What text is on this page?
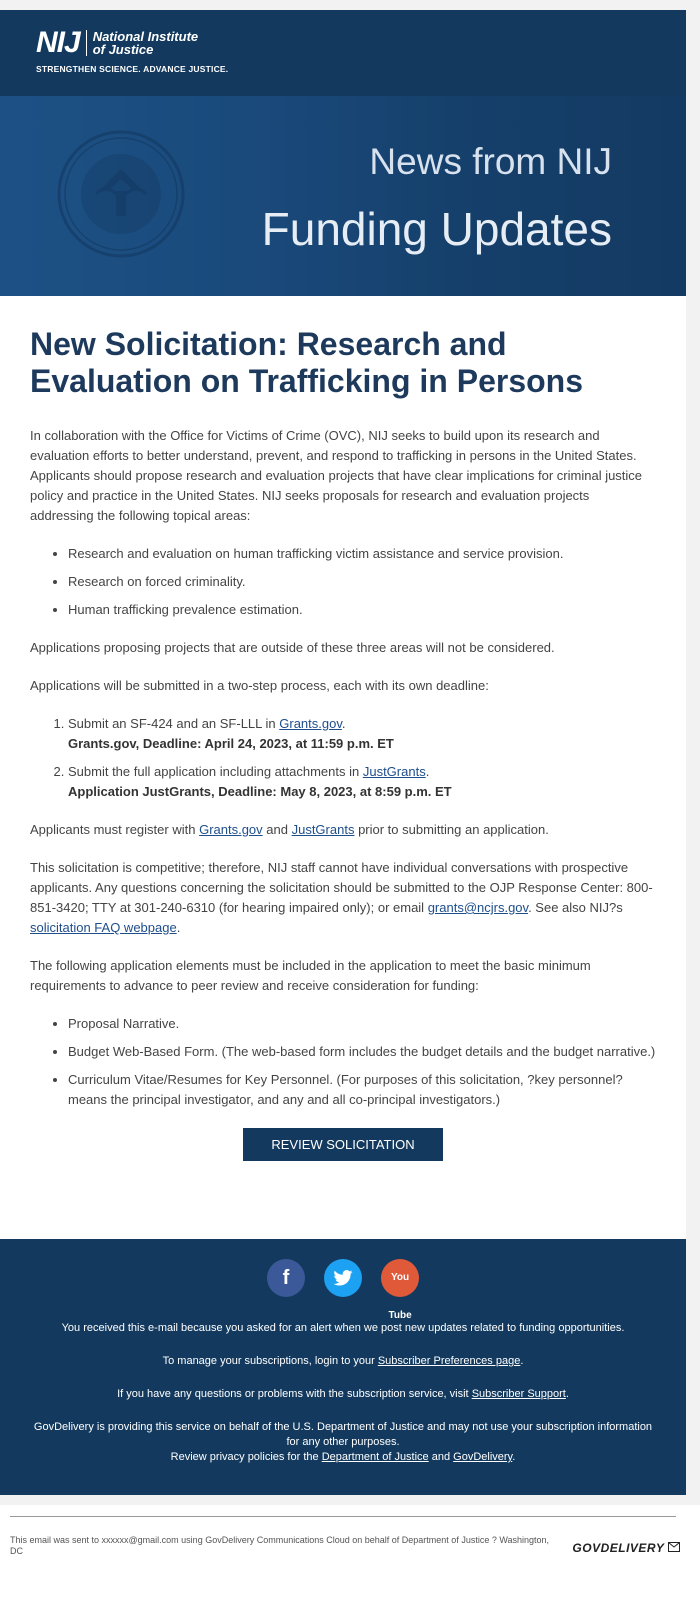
NIJ National Institute
of Justice
STRENGTHEN SCIENCE. ADVANCE JUSTICE.
News from NIJ
Funding Updates
New Solicitation: Research and Evaluation on Trafficking in Persons

In collaboration with the Office for Victims of Crime (OVC), NIJ seeks to build upon its research and evaluation efforts to better understand, prevent, and respond to trafficking in persons in the United States. Applicants should propose research and evaluation projects that have clear implications for criminal justice policy and practice in the United States. NIJ seeks proposals for research and evaluation projects addressing the following topical areas:

• Research and evaluation on human trafficking victim assistance and service provision.
• Research on forced criminality.
• Human trafficking prevalence estimation.

Applications proposing projects that are outside of these three areas will not be considered.

Applications will be submitted in a two-step process, each with its own deadline:

1. Submit an SF-424 and an SF-LLL in Grants.gov.
Grants.gov, Deadline: April 24, 2023, at 11:59 p.m. ET
2. Submit the full application including attachments in JustGrants.
Application JustGrants, Deadline: May 8, 2023, at 8:59 p.m. ET

Applicants must register with Grants.gov and JustGrants prior to submitting an application.

This solicitation is competitive; therefore, NIJ staff cannot have individual conversations with prospective applicants. Any questions concerning the solicitation should be submitted to the OJP Response Center: 800-851-3420; TTY at 301-240-6310 (for hearing impaired only); or email grants@ncjrs.gov. See also NIJ?s solicitation FAQ webpage.

The following application elements must be included in the application to meet the basic minimum requirements to advance to peer review and receive consideration for funding:

• Proposal Narrative.
• Budget Web-Based Form. (The web-based form includes the budget details and the budget narrative.)
• Curriculum Vitae/Resumes for Key Personnel. (For purposes of this solicitation, ?key personnel? means the principal investigator, and any and all co-principal investigators.)
REVIEW SOLICITATION
f	You Tube

You received this e-mail because you asked for an alert when we post new updates related to funding opportunities.

To manage your subscriptions, login to your Subscriber Preferences page.

If you have any questions or problems with the subscription service, visit Subscriber Support.

GovDelivery is providing this service on behalf of the U.S. Department of Justice and may not use your subscription information for any other purposes.
Review privacy policies for the Department of Justice and GovDelivery.

This email was sent to xxxxxx@gmail.com using GovDelivery Communications Cloud on behalf of Department of Justice ? Washington, DC	GOVDELIVERY
